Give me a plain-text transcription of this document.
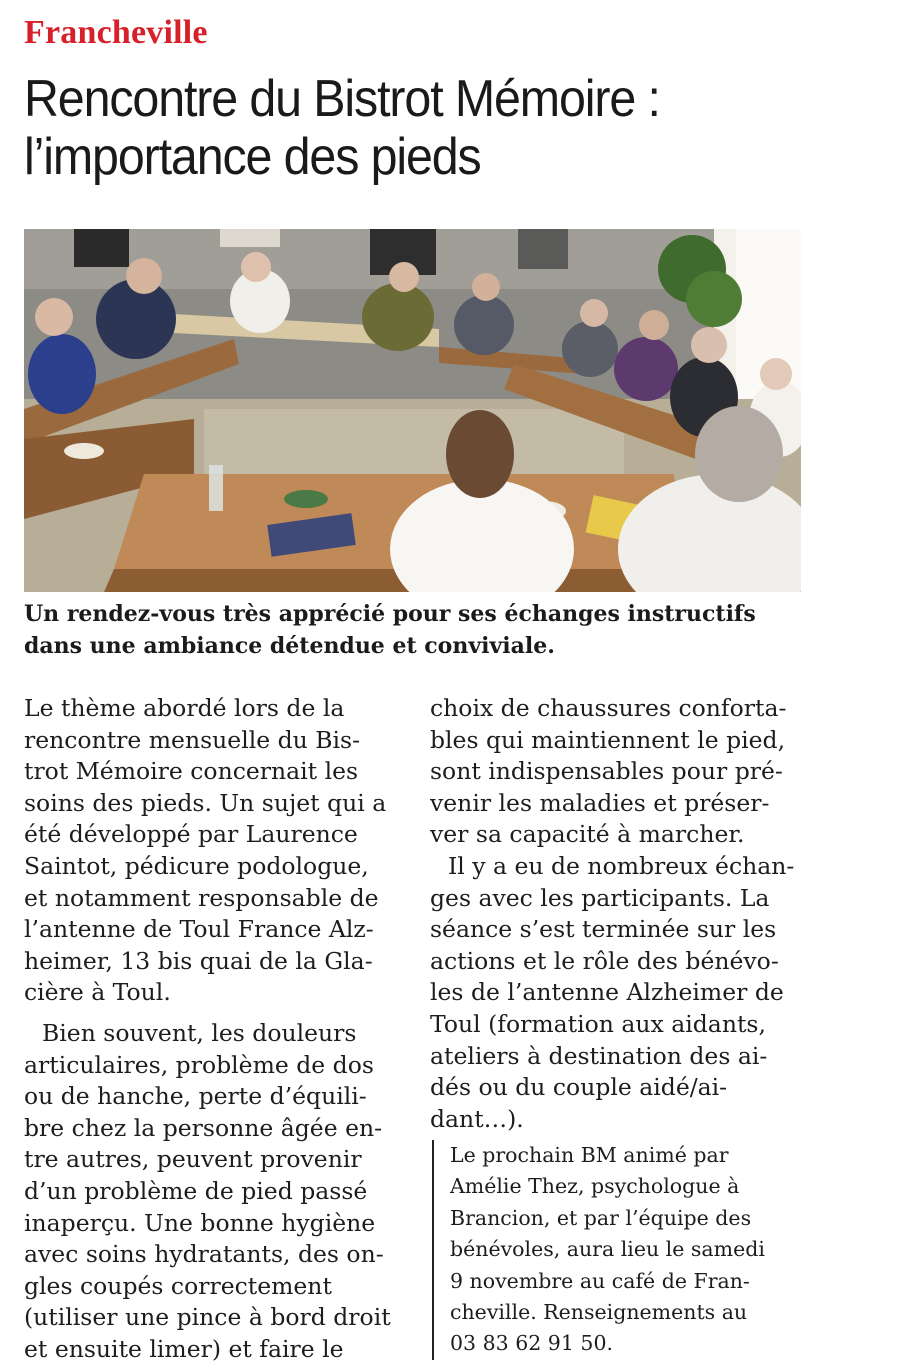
Francheville
Rencontre du Bistrot Mémoire :
l’importance des pieds
Un rendez-vous très apprécié pour ses échanges instructifs
dans une ambiance détendue et conviviale.
Le thème abordé lors de la
rencontre mensuelle du Bis-
trot Mémoire concernait les
soins des pieds. Un sujet qui a
été développé par Laurence
Saintot, pédicure podologue,
et notamment responsable de
l’antenne de Toul France Alz-
heimer, 13 bis quai de la Gla-
cière à Toul.
Bien souvent, les douleurs
articulaires, problème de dos
ou de hanche, perte d’équili-
bre chez la personne âgée en-
tre autres, peuvent provenir
d’un problème de pied passé
inaperçu. Une bonne hygiène
avec soins hydratants, des on-
gles coupés correctement
(utiliser une pince à bord droit
et ensuite limer) et faire le
choix de chaussures conforta-
bles qui maintiennent le pied,
sont indispensables pour pré-
venir les maladies et préser-
ver sa capacité à marcher.
Il y a eu de nombreux échan-
ges avec les participants. La
séance s’est terminée sur les
actions et le rôle des bénévo-
les de l’antenne Alzheimer de
Toul (formation aux aidants,
ateliers à destination des ai-
dés ou du couple aidé/ai-
dant…).
Le prochain BM animé par
Amélie Thez, psychologue à
Brancion, et par l’équipe des
bénévoles, aura lieu le samedi
9 novembre au café de Fran-
cheville. Renseignements au
03 83 62 91 50.
